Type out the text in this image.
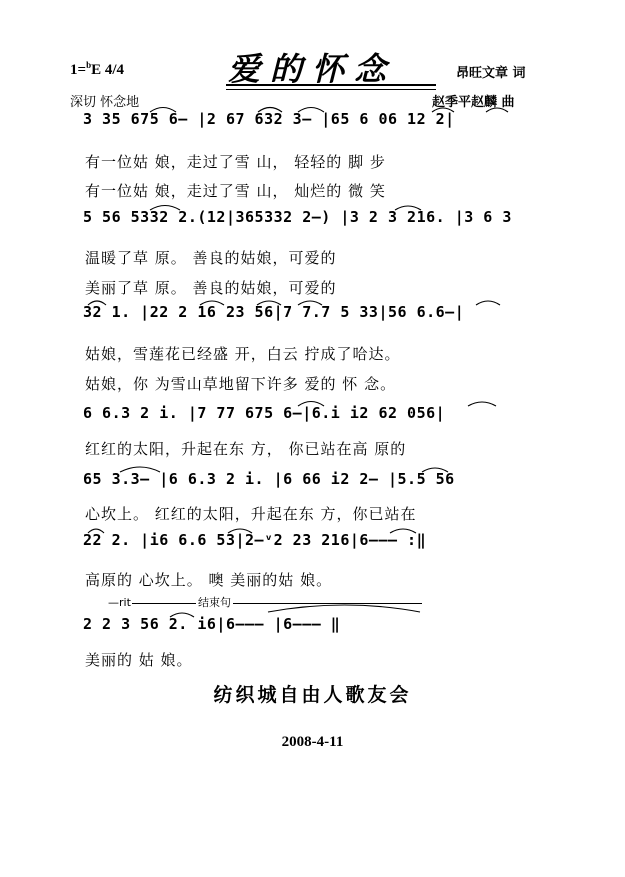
1=$^b$E 4/4
深切 怀念地
爱的怀念	昂旺文章 词
赵季平赵麟 曲
3 35 675 6— |2 67 632 3— |65 6 06 12 2|
有一位姑 娘，走过了雪 山， 轻轻的 脚 步
有一位姑 娘，走过了雪 山， 灿烂的 微 笑
5 56 5332 2.(12|365332 2—) |3 2 3 216. |3 6 3
温暖了草 原。 善良的姑娘，可爱的
美丽了草 原。 善良的姑娘，可爱的
32 1. |22 2 16 23 56|7 7.7 5 33|56 6.6—|
姑娘，雪莲花已经盛 开，白云 拧成了哈达。
姑娘，你 为雪山草地留下许多 爱的 怀 念。
6 6.3 2 i. |7 77 675 6—|6.i i2 62 056|
红红的太阳，升起在东 方， 你已站在高 原的
65 3.3— |6 6.3 2 i. |6 66 i2 2— |5.5 56
心坎上。 红红的太阳，升起在东 方，你已站在
22 2. |i6 6.6 53|2—ᵛ2 23 216|6——— :‖
高原的 心坎上。 噢 美丽的姑 娘。
—rit	结束句
2 2 3 56 2. i6|6——— |6——— ‖
美丽的 姑 娘。
纺织城自由人歌友会
2008-4-11
